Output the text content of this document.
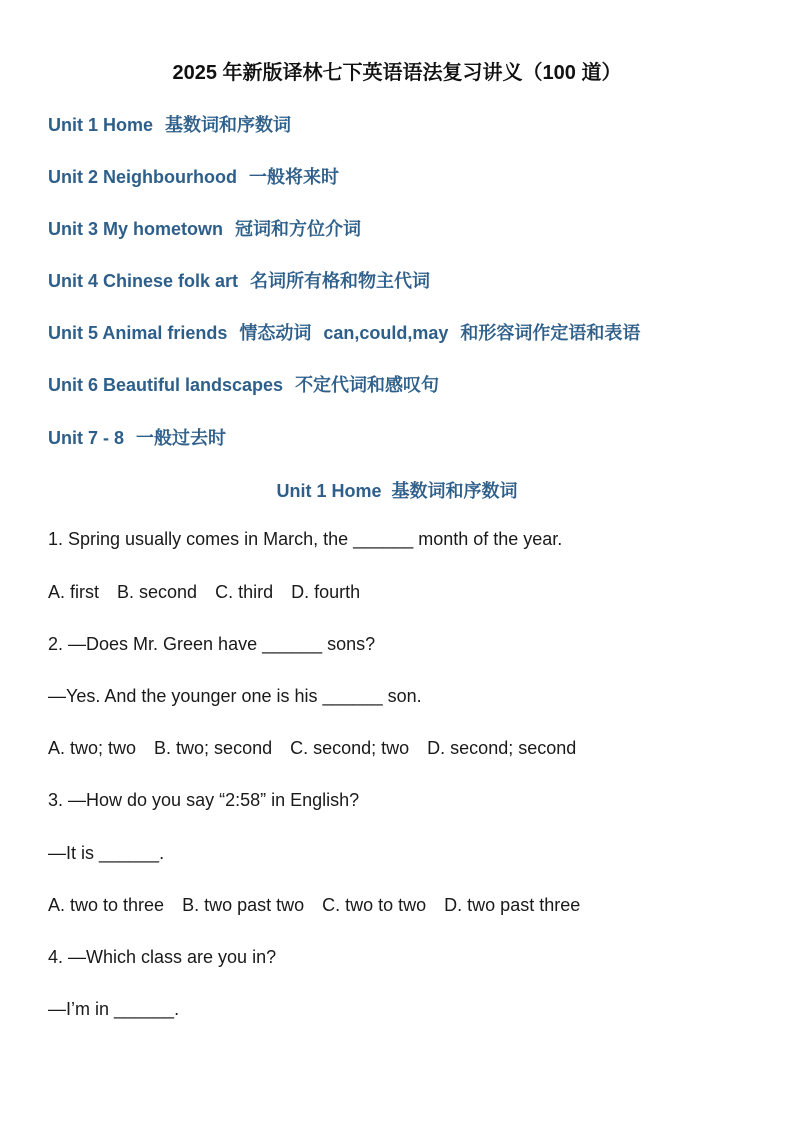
2025 年新版译林七下英语语法复习讲义（100 道）
Unit 1 Home 基数词和序数词
Unit 2 Neighbourhood 一般将来时
Unit 3 My hometown 冠词和方位介词
Unit 4 Chinese folk art 名词所有格和物主代词
Unit 5 Animal friends 情态动词 can,could,may 和形容词作定语和表语
Unit 6 Beautiful landscapes 不定代词和感叹句
Unit 7 - 8 一般过去时
Unit 1 Home 基数词和序数词
1. Spring usually comes in March, the ______ month of the year.
A. first B. second C. third D. fourth
2. —Does Mr. Green have ______ sons?
—Yes. And the younger one is his ______ son.
A. two; two B. two; second C. second; two D. second; second
3. —How do you say “2:58” in English?
—It is ______.
A. two to three B. two past two C. two to two D. two past three
4. —Which class are you in?
—I’m in ______.
